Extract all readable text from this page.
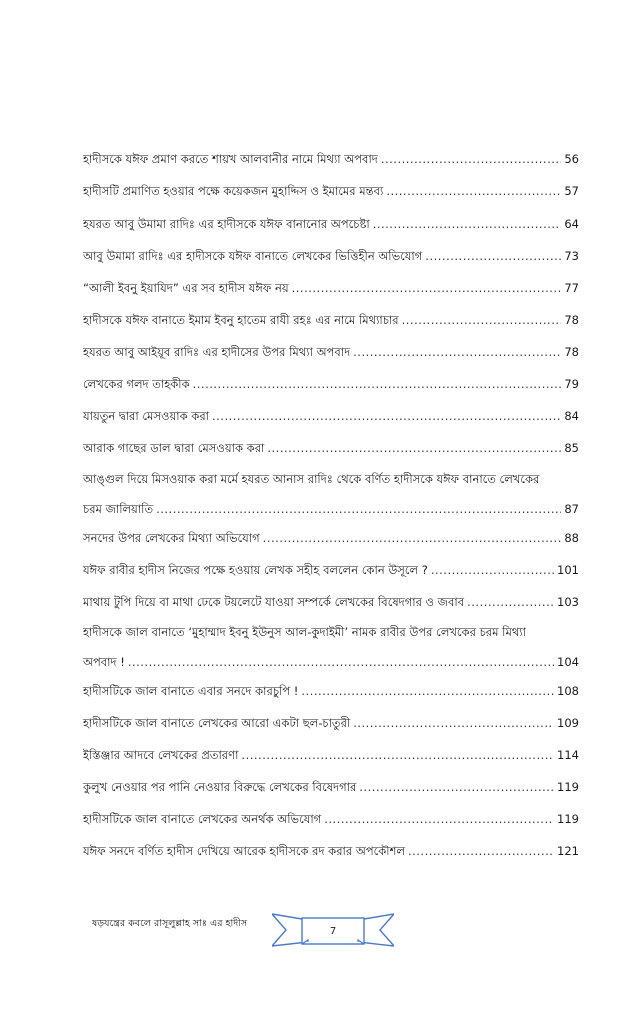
হাদীসকে যঈফ প্রমাণ করতে শায়খ আলবানীর নামে মিথ্যা অপবাদ .....	56
হাদীসটি প্রমাণিত হওয়ার পক্ষে কয়েকজন মুহাদ্দিস ও ইমামের মন্তব্য .....	57
হযরত আবু উমামা রাদিঃ এর হাদীসকে যঈফ বানানোর অপচেষ্টা .....	64
আবু উমামা রাদিঃ এর হাদীসকে যঈফ বানাতে লেখকের ভিত্তিহীন অভিযোগ .....	73
“আলী ইবনু ইয়াযিদ” এর সব হাদীস যঈফ নয় .....	77
হাদীসকে যঈফ বানাতে ইমাম ইবনু হাতেম রাযী রহঃ এর নামে মিথ্যাচার .....	78
হযরত আবু আইয়ূব রাদিঃ এর হাদীসের উপর মিথ্যা অপবাদ .....	78
লেখকের গলদ তাহকীক .....	79
যায়তুন দ্বারা মেসওয়াক করা .....	84
আরাক গাছের ডাল দ্বারা মেসওয়াক করা .....	85
আঙ্গুল দিয়ে মিসওয়াক করা মর্মে হযরত আনাস রাদিঃ থেকে বর্ণিত হাদীসকে যঈফ বানাতে লেখকের
চরম জালিয়াতি .....	87
সনদের উপর লেখকের মিথ্যা অভিযোগ .....	88
যঈফ রাবীর হাদীস নিজের পক্ষে হওয়ায় লেখক সহীহ বললেন কোন উসূলে ? .....	101
মাথায় টুপি দিয়ে বা মাথা ঢেকে টয়লেটে যাওয়া সম্পর্কে লেখকের বিষেদগার ও জবাব .....	103
হাদীসকে জাল বানাতে ‘মুহাম্মাদ ইবনু ইউনুস আল-কুদাইমী’ নামক রাবীর উপর লেখকের চরম মিথ্যা
অপবাদ ! .....	104
হাদীসটিকে জাল বানাতে এবার সনদে কারচুপি ! .....	108
হাদীসটিকে জাল বানাতে লেখকের আরো একটা ছল-চাতুরী .....	109
ইস্তিঞ্জার আদবে লেখকের প্রতারণা .....	114
কুলুখ নেওয়ার পর পানি নেওয়ার বিরুদ্ধে লেখকের বিষেদগার .....	119
হাদীসটিকে জাল বানাতে লেখকের অনর্থক অভিযোগ .....	119
যঈফ সনদে বর্ণিত হাদীস দেখিয়ে আরেক হাদীসকে রদ করার অপকৌশল .....	121
ষড়যন্ত্রের কবলে রাসূলুল্লাহ সাঃ এর হাদীস
7
